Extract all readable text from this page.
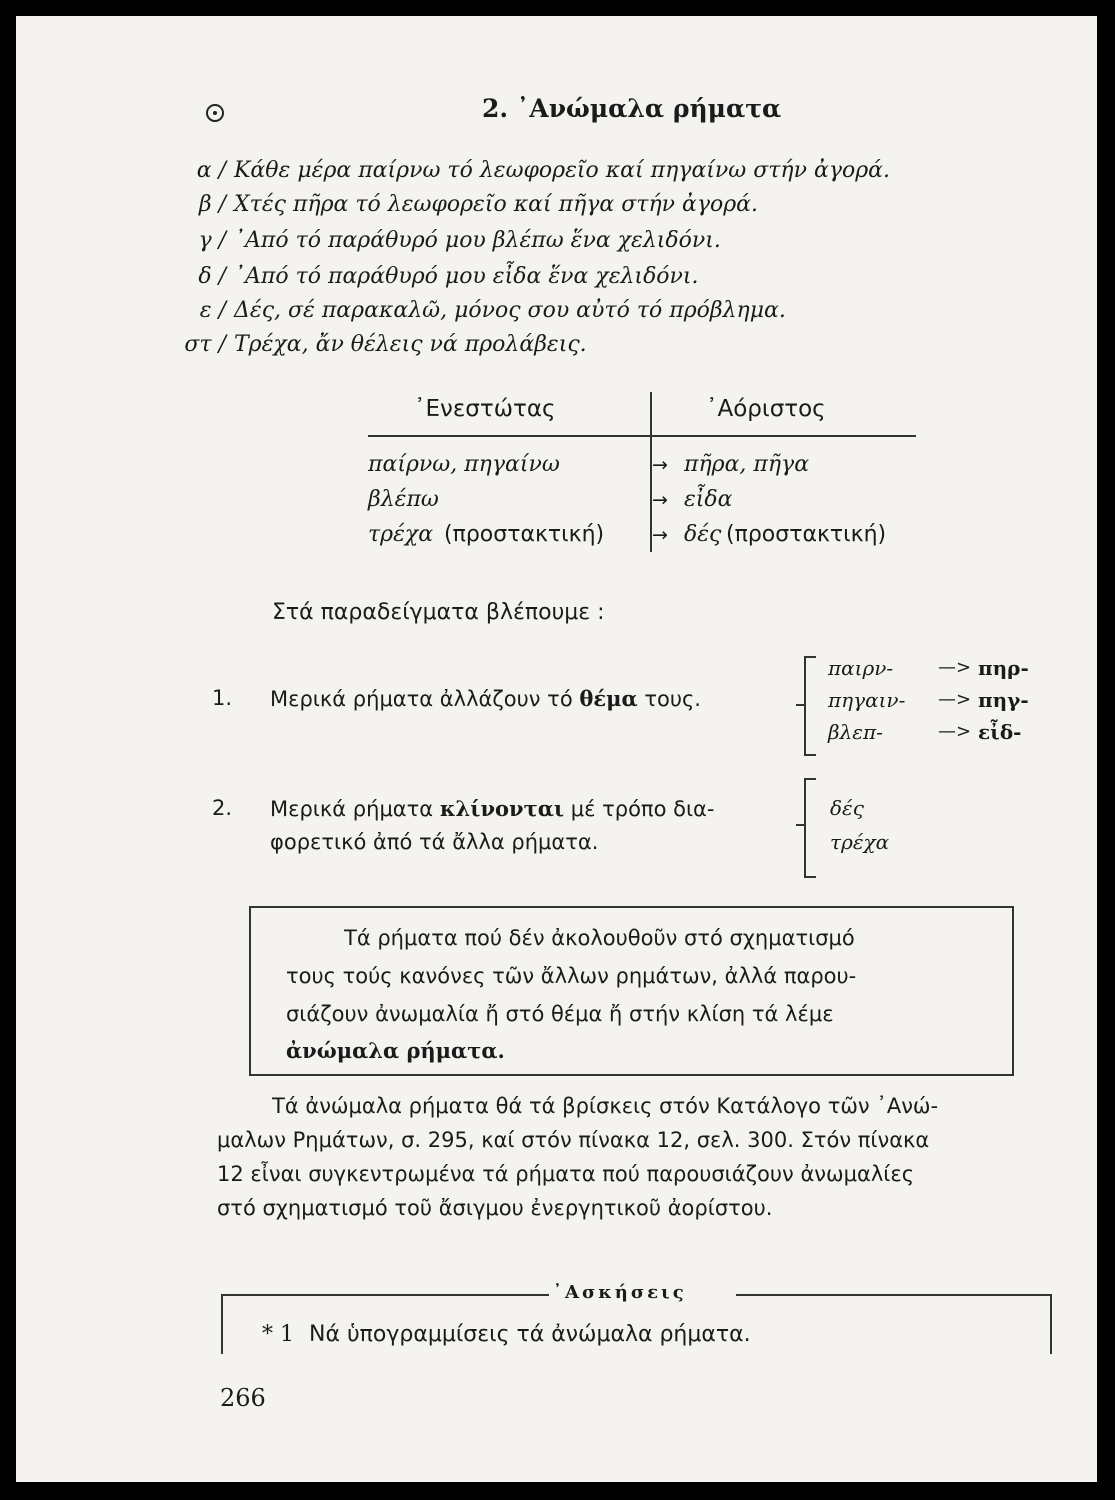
2. ᾿Ανώμαλα ρήματα
α / Κάθε μέρα παίρνω τό λεωφορεῖο καί πηγαίνω στήν ἀγορά.
β / Χτές πῆρα τό λεωφορεῖο καί πῆγα στήν ἀγορά.
γ / ᾿Από τό παράθυρό μου βλέπω ἕνα χελιδόνι.
δ / ᾿Από τό παράθυρό μου εἶδα ἕνα χελιδόνι.
ε / Δές, σέ παρακαλῶ, μόνος σου αὐτό τό πρόβλημα.
στ / Τρέχα, ἄν θέλεις νά προλάβεις.
᾿Ενεστώτας	᾿Αόριστος
παίρνω, πηγαίνω	→ πῆρα, πῆγα
βλέπω	→ εἶδα
τρέχα (προστακτική)	→ δές (προστακτική)
Στά παραδείγματα βλέπουμε :
1. Μερικά ρήματα ἀλλάζουν τό θέμα τους.
παιρν- —> πηρ-
πηγαιν- —> πηγ-
βλεπ-	—> εἶδ-
2. Μερικά ρήματα κλίνονται μέ τρόπο δια-
φορετικό ἀπό τά ἄλλα ρήματα.
δές
τρέχα
Τά ρήματα πού δέν ἀκολουθοῦν στό σχηματισμό
τους τούς κανόνες τῶν ἄλλων ρημάτων, ἀλλά παρου-
σιάζουν ἀνωμαλία ἤ στό θέμα ἤ στήν κλίση τά λέμε
ἀνώμαλα ρήματα.
Τά ἀνώμαλα ρήματα θά τά βρίσκεις στόν Κατάλογο τῶν ᾿Ανώ-
μαλων Ρημάτων, σ. 295, καί στόν πίνακα 12, σελ. 300. Στόν πίνακα
12 εἶναι συγκεντρωμένα τά ρήματα πού παρουσιάζουν ἀνωμαλίες
στό σχηματισμό τοῦ ἄσιγμου ἐνεργητικοῦ ἀορίστου.
᾿Ασκήσεις
* 1 Νά ὑπογραμμίσεις τά ἀνώμαλα ρήματα.
266
